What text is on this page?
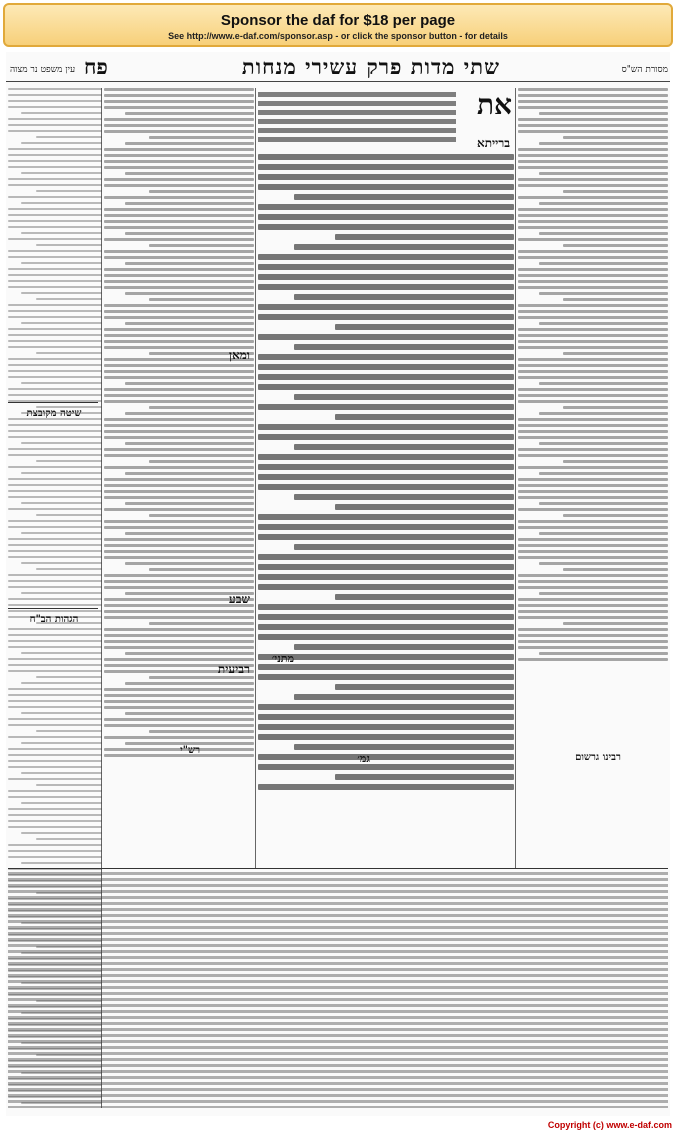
Sponsor the daf for $18 per page
See http://www.e-daf.com/sponsor.asp - or click the sponsor button - for details
מסורת הש"ס
שתי מדות פרק עשירי מנחות
פח
עין משפט נר מצוה
את
ברייתא
מתני׳
גמ׳
ומאן
שבע
רביעית
שיטה מקובצת
הגהות הב"ח
רש"י
רבינו גרשום
Copyright (c) www.e-daf.com
